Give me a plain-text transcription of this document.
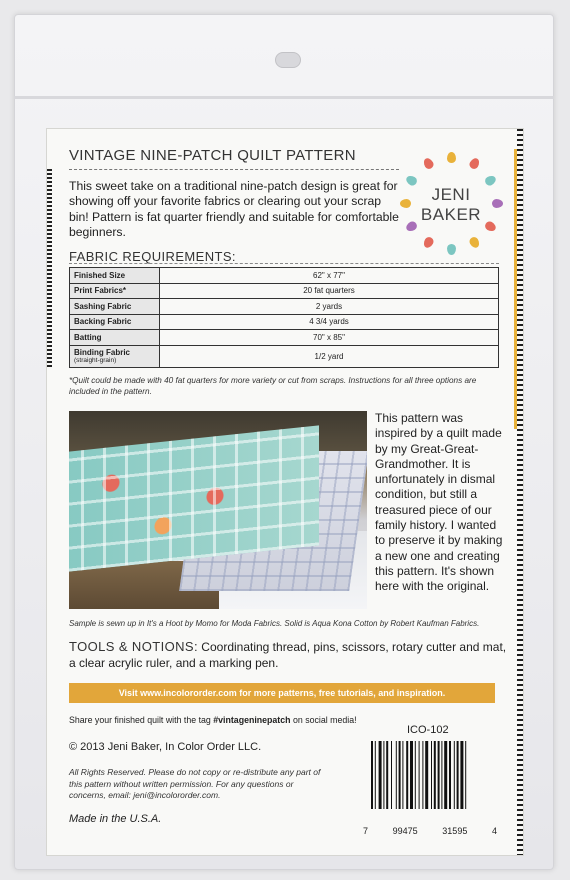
VINTAGE NINE-PATCH QUILT PATTERN
JENI
BAKER
This sweet take on a traditional nine-patch design is great for showing off your favorite fabrics or clearing out your scrap bin! Pattern is fat quarter friendly and suitable for comfortable beginners.
FABRIC REQUIREMENTS:
Finished Size	62" x 77"
Print Fabrics*	20 fat quarters
Sashing Fabric	2 yards
Backing Fabric	4 3/4 yards
Batting	70" x 85"
Binding Fabric
(straight-grain)	1/2 yard
*Quilt could be made with 40 fat quarters for more variety or cut from scraps. Instructions for all three options are included in the pattern.
This pattern was inspired by a quilt made by my Great-Great-Grandmother. It is unfortunately in dismal condition, but still a treasured piece of our family history. I wanted to preserve it by making a new one and creating this pattern. It's shown here with the original.
Sample is sewn up in It's a Hoot by Momo for Moda Fabrics. Solid is Aqua Kona Cotton by Robert Kaufman Fabrics.
TOOLS & NOTIONS: Coordinating thread, pins, scissors, rotary cutter and mat, a clear acrylic ruler, and a marking pen.
Visit www.incolororder.com for more patterns, free tutorials, and inspiration.
Share your finished quilt with the tag #vintageninepatch on social media!
ICO-102
© 2013 Jeni Baker, In Color Order LLC.
All Rights Reserved. Please do not copy or re-distribute any part of this pattern without written permission. For any questions or concerns, email: jeni@incolororder.com.
Made in the U.S.A.
7	99475	31595	4
